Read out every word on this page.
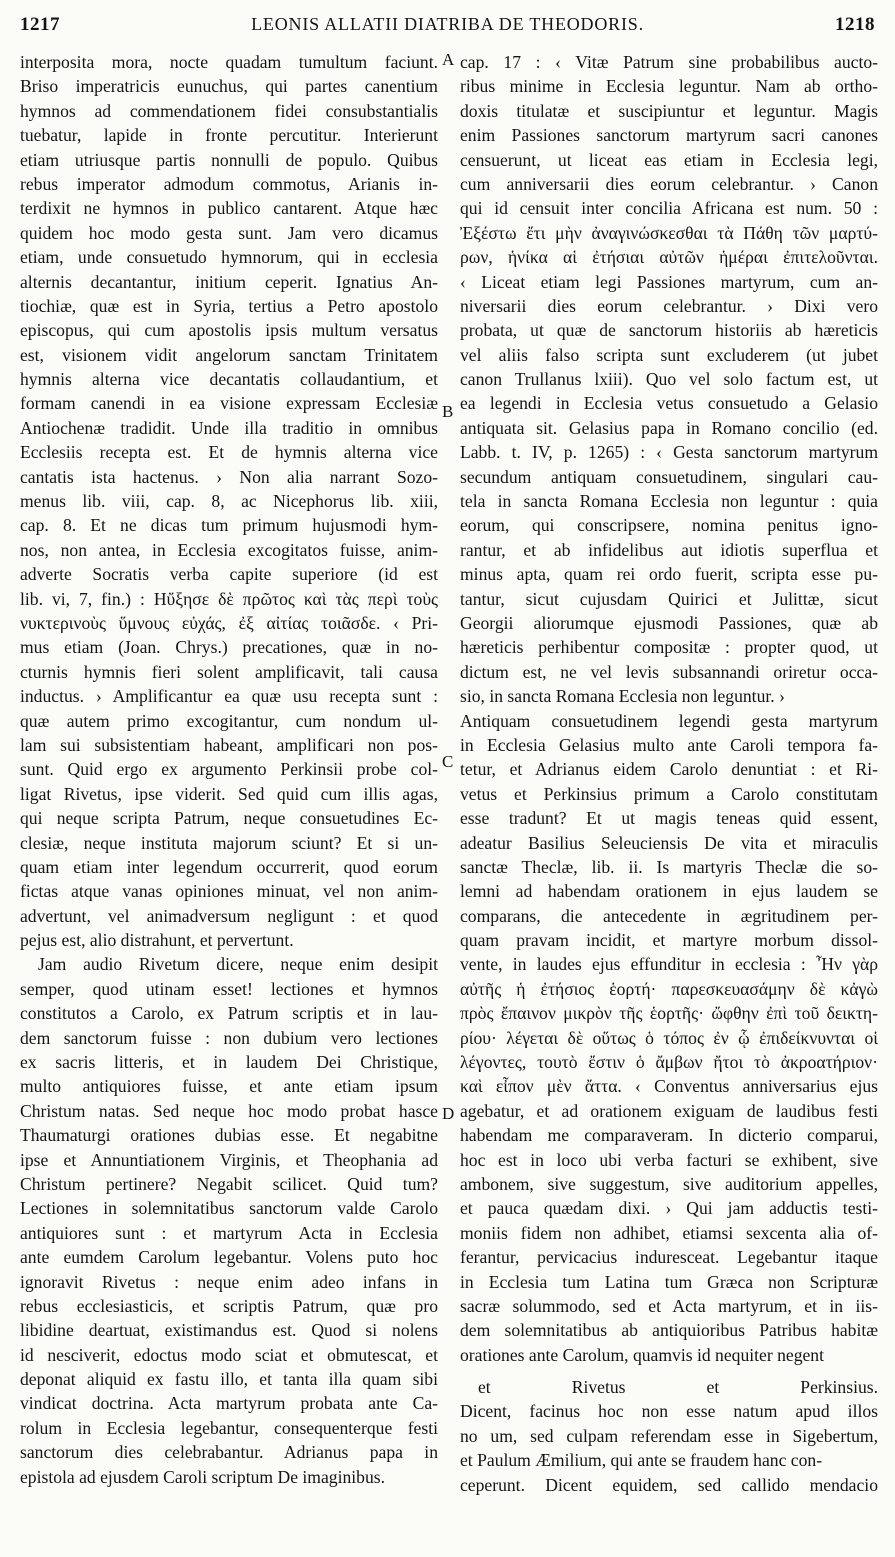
1217	LEONIS ALLATII DIATRIBA DE THEODORIS.	1218
interposita mora, nocte quadam tumultum faciunt.
Briso imperatricis eunuchus, qui partes canentium
hymnos ad commendationem fidei consubstantialis
tuebatur, lapide in fronte percutitur. Interierunt
etiam utriusque partis nonnulli de populo. Quibus
rebus imperator admodum commotus, Arianis in-
terdixit ne hymnos in publico cantarent. Atque hæc
quidem hoc modo gesta sunt. Jam vero dicamus
etiam, unde consuetudo hymnorum, qui in ecclesia
alternis decantantur, initium ceperit. Ignatius An-
tiochiæ, quæ est in Syria, tertius a Petro apostolo
episcopus, qui cum apostolis ipsis multum versatus
est, visionem vidit angelorum sanctam Trinitatem
hymnis alterna vice decantatis collaudantium, et
formam canendi in ea visione expressam Ecclesiæ
Antiochenæ tradidit. Unde illa traditio in omnibus
Ecclesiis recepta est. Et de hymnis alterna vice
cantatis ista hactenus. › Non alia narrant Sozo-
menus lib. viii, cap. 8, ac Nicephorus lib. xiii,
cap. 8. Et ne dicas tum primum hujusmodi hym-
nos, non antea, in Ecclesia excogitatos fuisse, anim-
adverte Socratis verba capite superiore (id est
lib. vi, 7, fin.) : Ηὔξησε δὲ πρῶτος καὶ τὰς περὶ τοὺς
νυκτερινοὺς ὕμνους εὐχάς, ἐξ αἰτίας τοιᾶσδε. ‹ Pri-
mus etiam (Joan. Chrys.) precationes, quæ in no-
cturnis hymnis fieri solent amplificavit, tali causa
inductus. › Amplificantur ea quæ usu recepta sunt :
quæ autem primo excogitantur, cum nondum ul-
lam sui subsistentiam habeant, amplificari non pos-
sunt. Quid ergo ex argumento Perkinsii probe col-
ligat Rivetus, ipse viderit. Sed quid cum illis agas,
qui neque scripta Patrum, neque consuetudines Ec-
clesiæ, neque instituta majorum sciunt? Et si un-
quam etiam inter legendum occurrerit, quod eorum
fictas atque vanas opiniones minuat, vel non anim-
advertunt, vel animadversum negligunt : et quod
pejus est, alio distrahunt, et pervertunt.
Jam audio Rivetum dicere, neque enim desipit
semper, quod utinam esset! lectiones et hymnos
constitutos a Carolo, ex Patrum scriptis et in lau-
dem sanctorum fuisse : non dubium vero lectiones
ex sacris litteris, et in laudem Dei Christique,
multo antiquiores fuisse, et ante etiam ipsum
Christum natas. Sed neque hoc modo probat hasce
Thaumaturgi orationes dubias esse. Et negabitne
ipse et Annuntiationem Virginis, et Theophania ad
Christum pertinere? Negabit scilicet. Quid tum?
Lectiones in solemnitatibus sanctorum valde Carolo
antiquiores sunt : et martyrum Acta in Ecclesia
ante eumdem Carolum legebantur. Volens puto hoc
ignoravit Rivetus : neque enim adeo infans in
rebus ecclesiasticis, et scriptis Patrum, quæ pro
libidine deartuat, existimandus est. Quod si nolens
id nesciverit, edoctus modo sciat et obmutescat, et
deponat aliquid ex fastu illo, et tanta illa quam sibi
vindicat doctrina. Acta martyrum probata ante Ca-
rolum in Ecclesia legebantur, consequenterque festi
sanctorum dies celebrabantur. Adrianus papa in
epistola ad ejusdem Caroli scriptum De imaginibus.
cap. 17 : ‹ Vitæ Patrum sine probabilibus aucto-
ribus minime in Ecclesia leguntur. Nam ab ortho-
doxis titulatæ et suscipiuntur et leguntur. Magis
enim Passiones sanctorum martyrum sacri canones
censuerunt, ut liceat eas etiam in Ecclesia legi,
cum anniversarii dies eorum celebrantur. › Canon
qui id censuit inter concilia Africana est num. 50 :
Ἐξέστω ἔτι μὴν ἀναγινώσκεσθαι τὰ Πάθη τῶν μαρτύ-
ρων, ἡνίκα αἱ ἐτήσιαι αὐτῶν ἡμέραι ἐπιτελοῦνται.
‹ Liceat etiam legi Passiones martyrum, cum an-
niversarii dies eorum celebrantur. › Dixi vero
probata, ut quæ de sanctorum historiis ab hæreticis
vel aliis falso scripta sunt excluderem (ut jubet
canon Trullanus lxiii). Quo vel solo factum est, ut
ea legendi in Ecclesia vetus consuetudo a Gelasio
antiquata sit. Gelasius papa in Romano concilio (ed.
Labb. t. IV, p. 1265) : ‹ Gesta sanctorum martyrum
secundum antiquam consuetudinem, singulari cau-
tela in sancta Romana Ecclesia non leguntur : quia
eorum, qui conscripsere, nomina penitus igno-
rantur, et ab infidelibus aut idiotis superflua et
minus apta, quam rei ordo fuerit, scripta esse pu-
tantur, sicut cujusdam Quirici et Julittæ, sicut
Georgii aliorumque ejusmodi Passiones, quæ ab
hæreticis perhibentur compositæ : propter quod, ut
dictum est, ne vel levis subsannandi oriretur occa-
sio, in sancta Romana Ecclesia non leguntur. ›
Antiquam consuetudinem legendi gesta martyrum
in Ecclesia Gelasius multo ante Caroli tempora fa-
tetur, et Adrianus eidem Carolo denuntiat : et Ri-
vetus et Perkinsius primum a Carolo constitutam
esse tradunt? Et ut magis teneas quid essent,
adeatur Basilius Seleuciensis De vita et miraculis
sanctæ Theclæ, lib. ii. Is martyris Theclæ die so-
lemni ad habendam orationem in ejus laudem se
comparans, die antecedente in ægritudinem per-
quam pravam incidit, et martyre morbum dissol-
vente, in laudes ejus effunditur in ecclesia : Ἦν γὰρ
αὐτῆς ἡ ἐτήσιος ἑορτή· παρεσκευασάμην δὲ κἀγὼ
πρὸς ἔπαινον μικρὸν τῆς ἑορτῆς· ὤφθην ἐπὶ τοῦ δεικτη-
ρίου· λέγεται δὲ οὕτως ὁ τόπος ἐν ᾧ ἐπιδείκνυνται οἱ
λέγοντες, τουτὸ ἔστιν ὁ ἄμβων ἤτοι τὸ ἀκροατήριον·
καὶ εἶπον μὲν ἄττα. ‹ Conventus anniversarius ejus
agebatur, et ad orationem exiguam de laudibus festi
habendam me comparaveram. In dicterio comparui,
hoc est in loco ubi verba facturi se exhibent, sive
ambonem, sive suggestum, sive auditorium appelles,
et pauca quædam dixi. › Qui jam adductis testi-
moniis fidem non adhibet, etiamsi sexcenta alia of-
ferantur, pervicacius induresceat. Legebantur itaque
in Ecclesia tum Latina tum Græca non Scripturæ
sacræ solummodo, sed et Acta martyrum, et in iis-
dem solemnitatibus ab antiquioribus Patribus habitæ
orationes ante Carolum, quamvis id nequiter negent
et Rivetus et Perkinsius.
Dicent, facinus hoc non esse natum apud illos
no um, sed culpam referendam esse in Sigebertum,
et Paulum Æmilium, qui ante se fraudem hanc con-
ceperunt. Dicent equidem, sed callido mendacio
A
B
C
D
